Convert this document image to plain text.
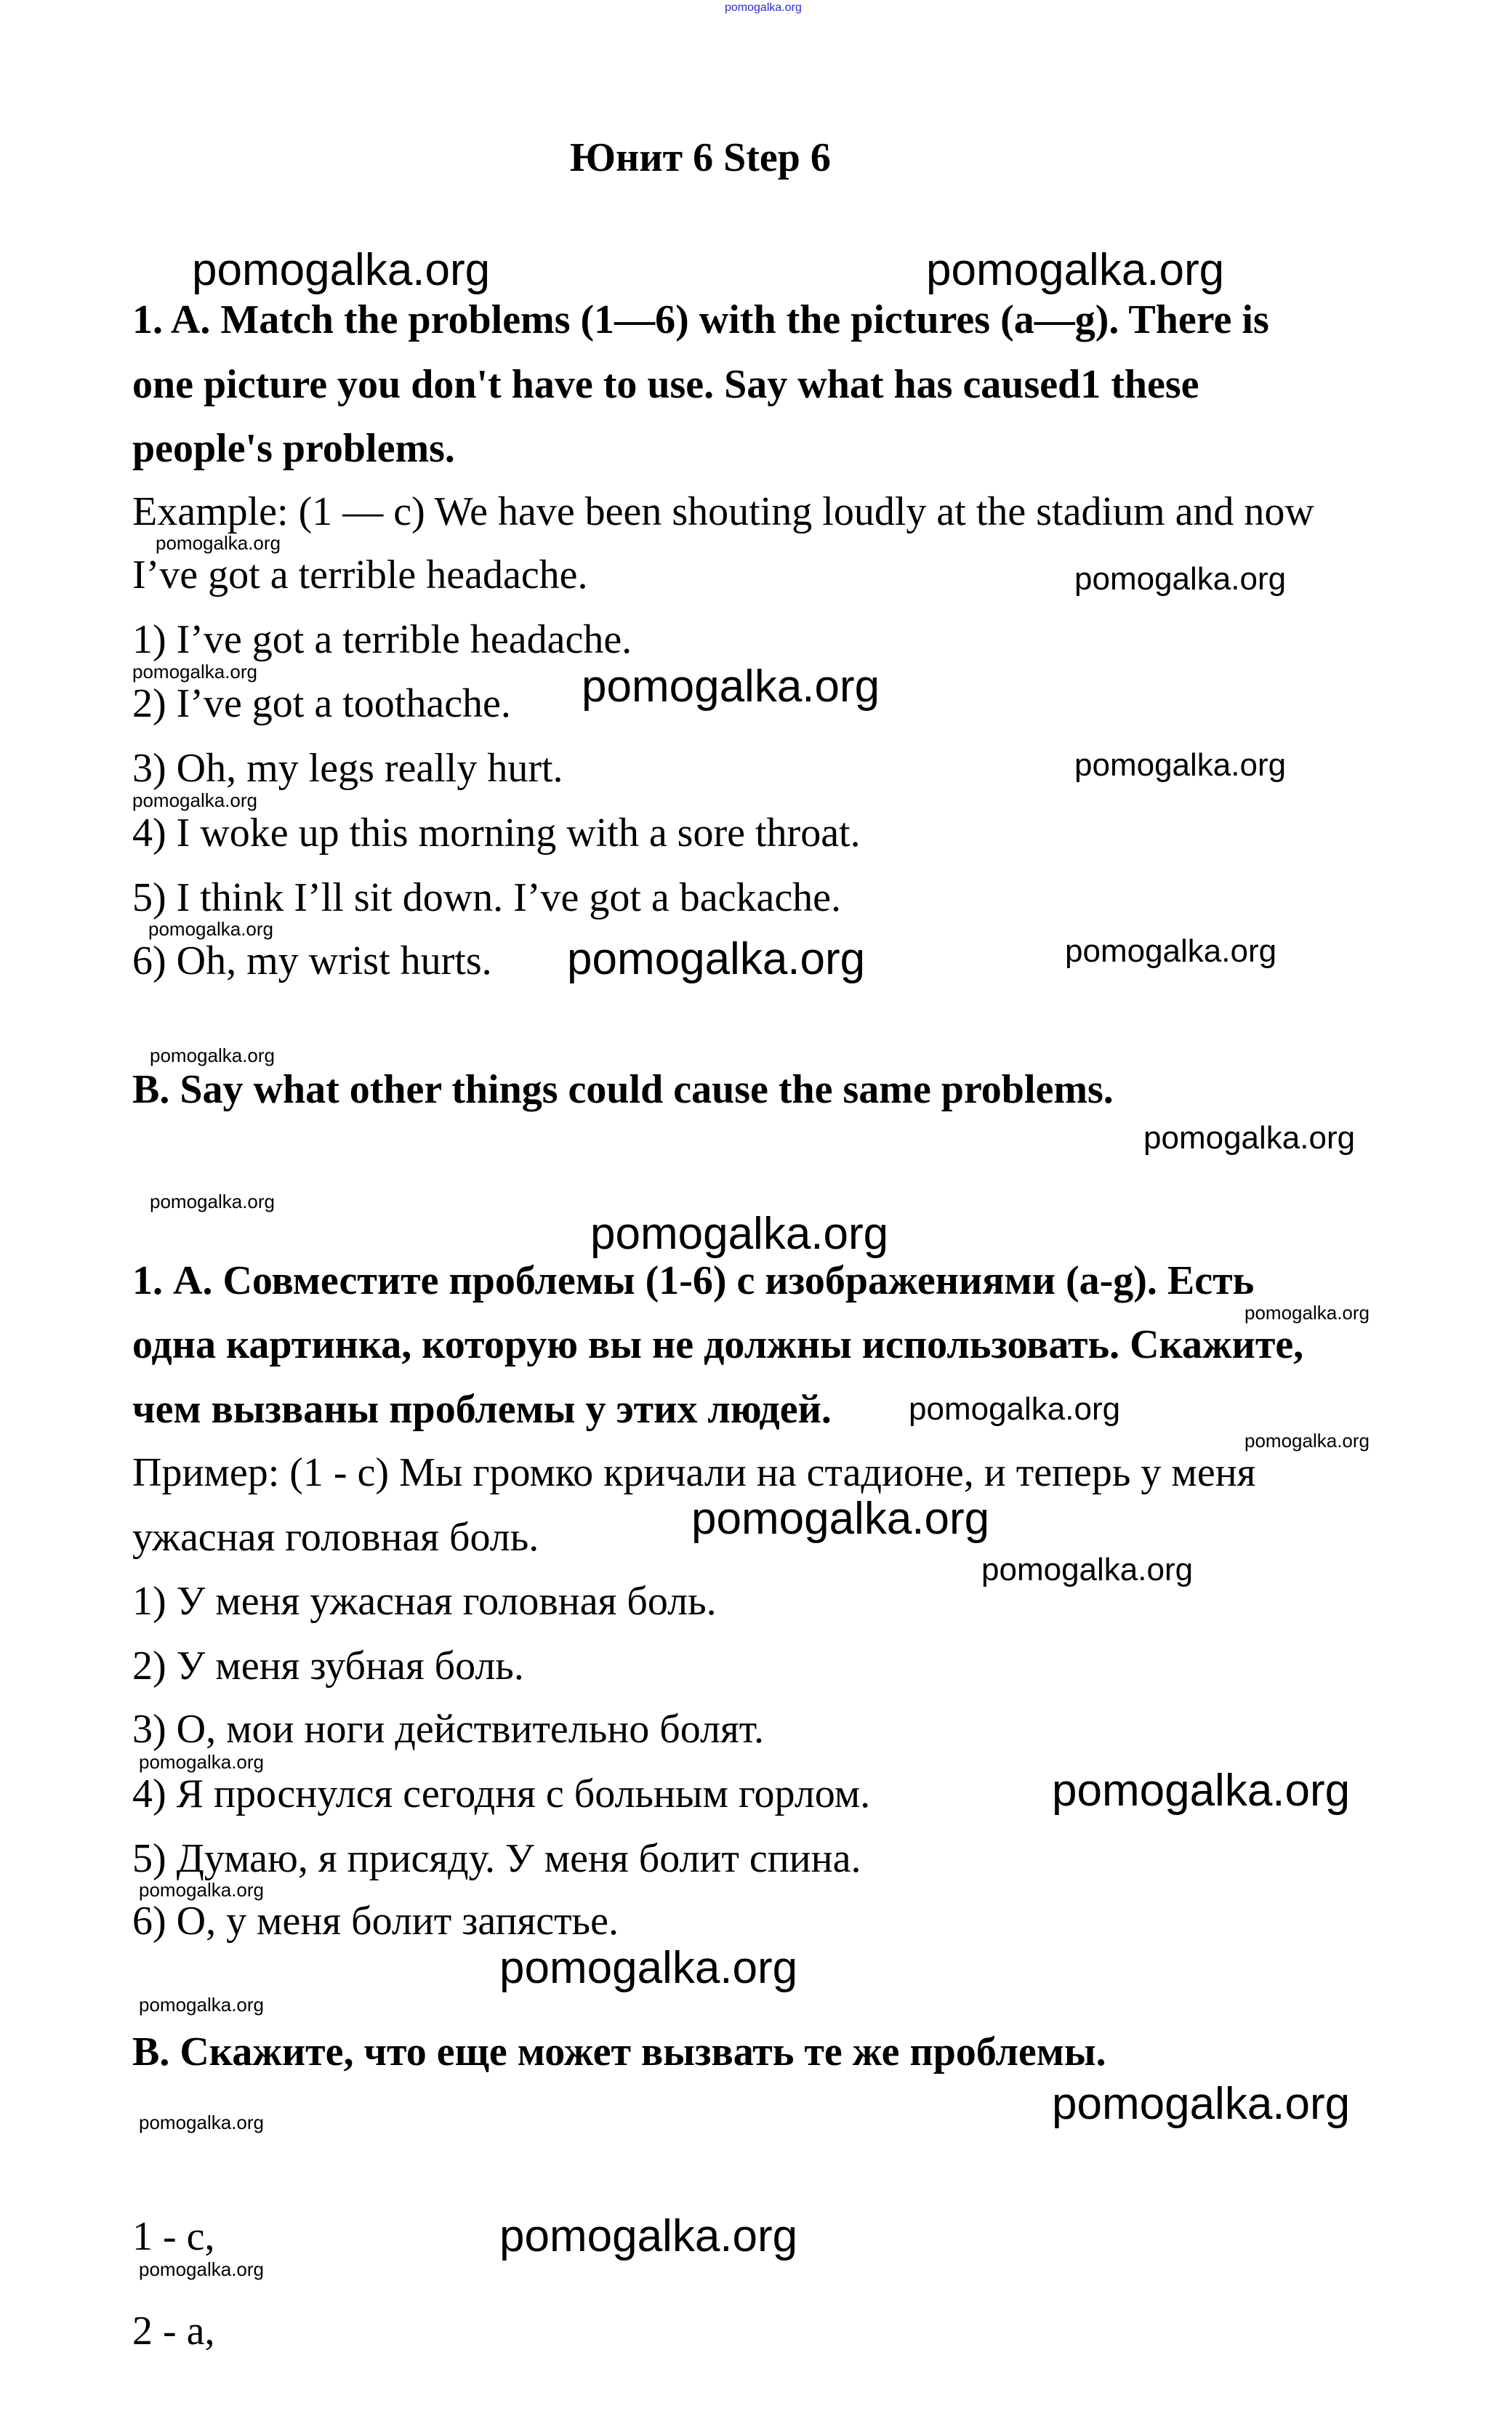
pomogalka.org
Юнит 6 Step 6
1. A. Match the problems (1—6) with the pictures (a—g). There is
one picture you don't have to use. Say what has caused1 these
people's problems.
Example: (1 — c) We have been shouting loudly at the stadium and now
I’ve got a terrible headache.
1) I’ve got a terrible headache.
2) I’ve got a toothache.
3) Oh, my legs really hurt.
4) I woke up this morning with a sore throat.
5) I think I’ll sit down. I’ve got a backache.
6) Oh, my wrist hurts.
B. Say what other things could cause the same problems.
1. А. Совместите проблемы (1-6) с изображениями (a-g). Есть
одна картинка, которую вы не должны использовать. Скажите,
чем вызваны проблемы у этих людей.
Пример: (1 - с) Мы громко кричали на стадионе, и теперь у меня
ужасная головная боль.
1) У меня ужасная головная боль.
2) У меня зубная боль.
3) О, мои ноги действительно болят.
4) Я проснулся сегодня с больным горлом.
5) Думаю, я присяду. У меня болит спина.
6) О, у меня болит запястье.
B. Скажите, что еще может вызвать те же проблемы.
1 - c,
2 - a,
pomogalka.org	pomogalka.org
pomogalka.org
pomogalka.org
pomogalka.org
pomogalka.org
pomogalka.org
pomogalka.org
pomogalka.org
pomogalka.org
pomogalka.org
pomogalka.org
pomogalka.org
pomogalka.org
pomogalka.org
pomogalka.org
pomogalka.org
pomogalka.org
pomogalka.org
pomogalka.org
pomogalka.org
pomogalka.org
pomogalka.org
pomogalka.org
pomogalka.org
pomogalka.org
pomogalka.org
pomogalka.org
pomogalka.org
